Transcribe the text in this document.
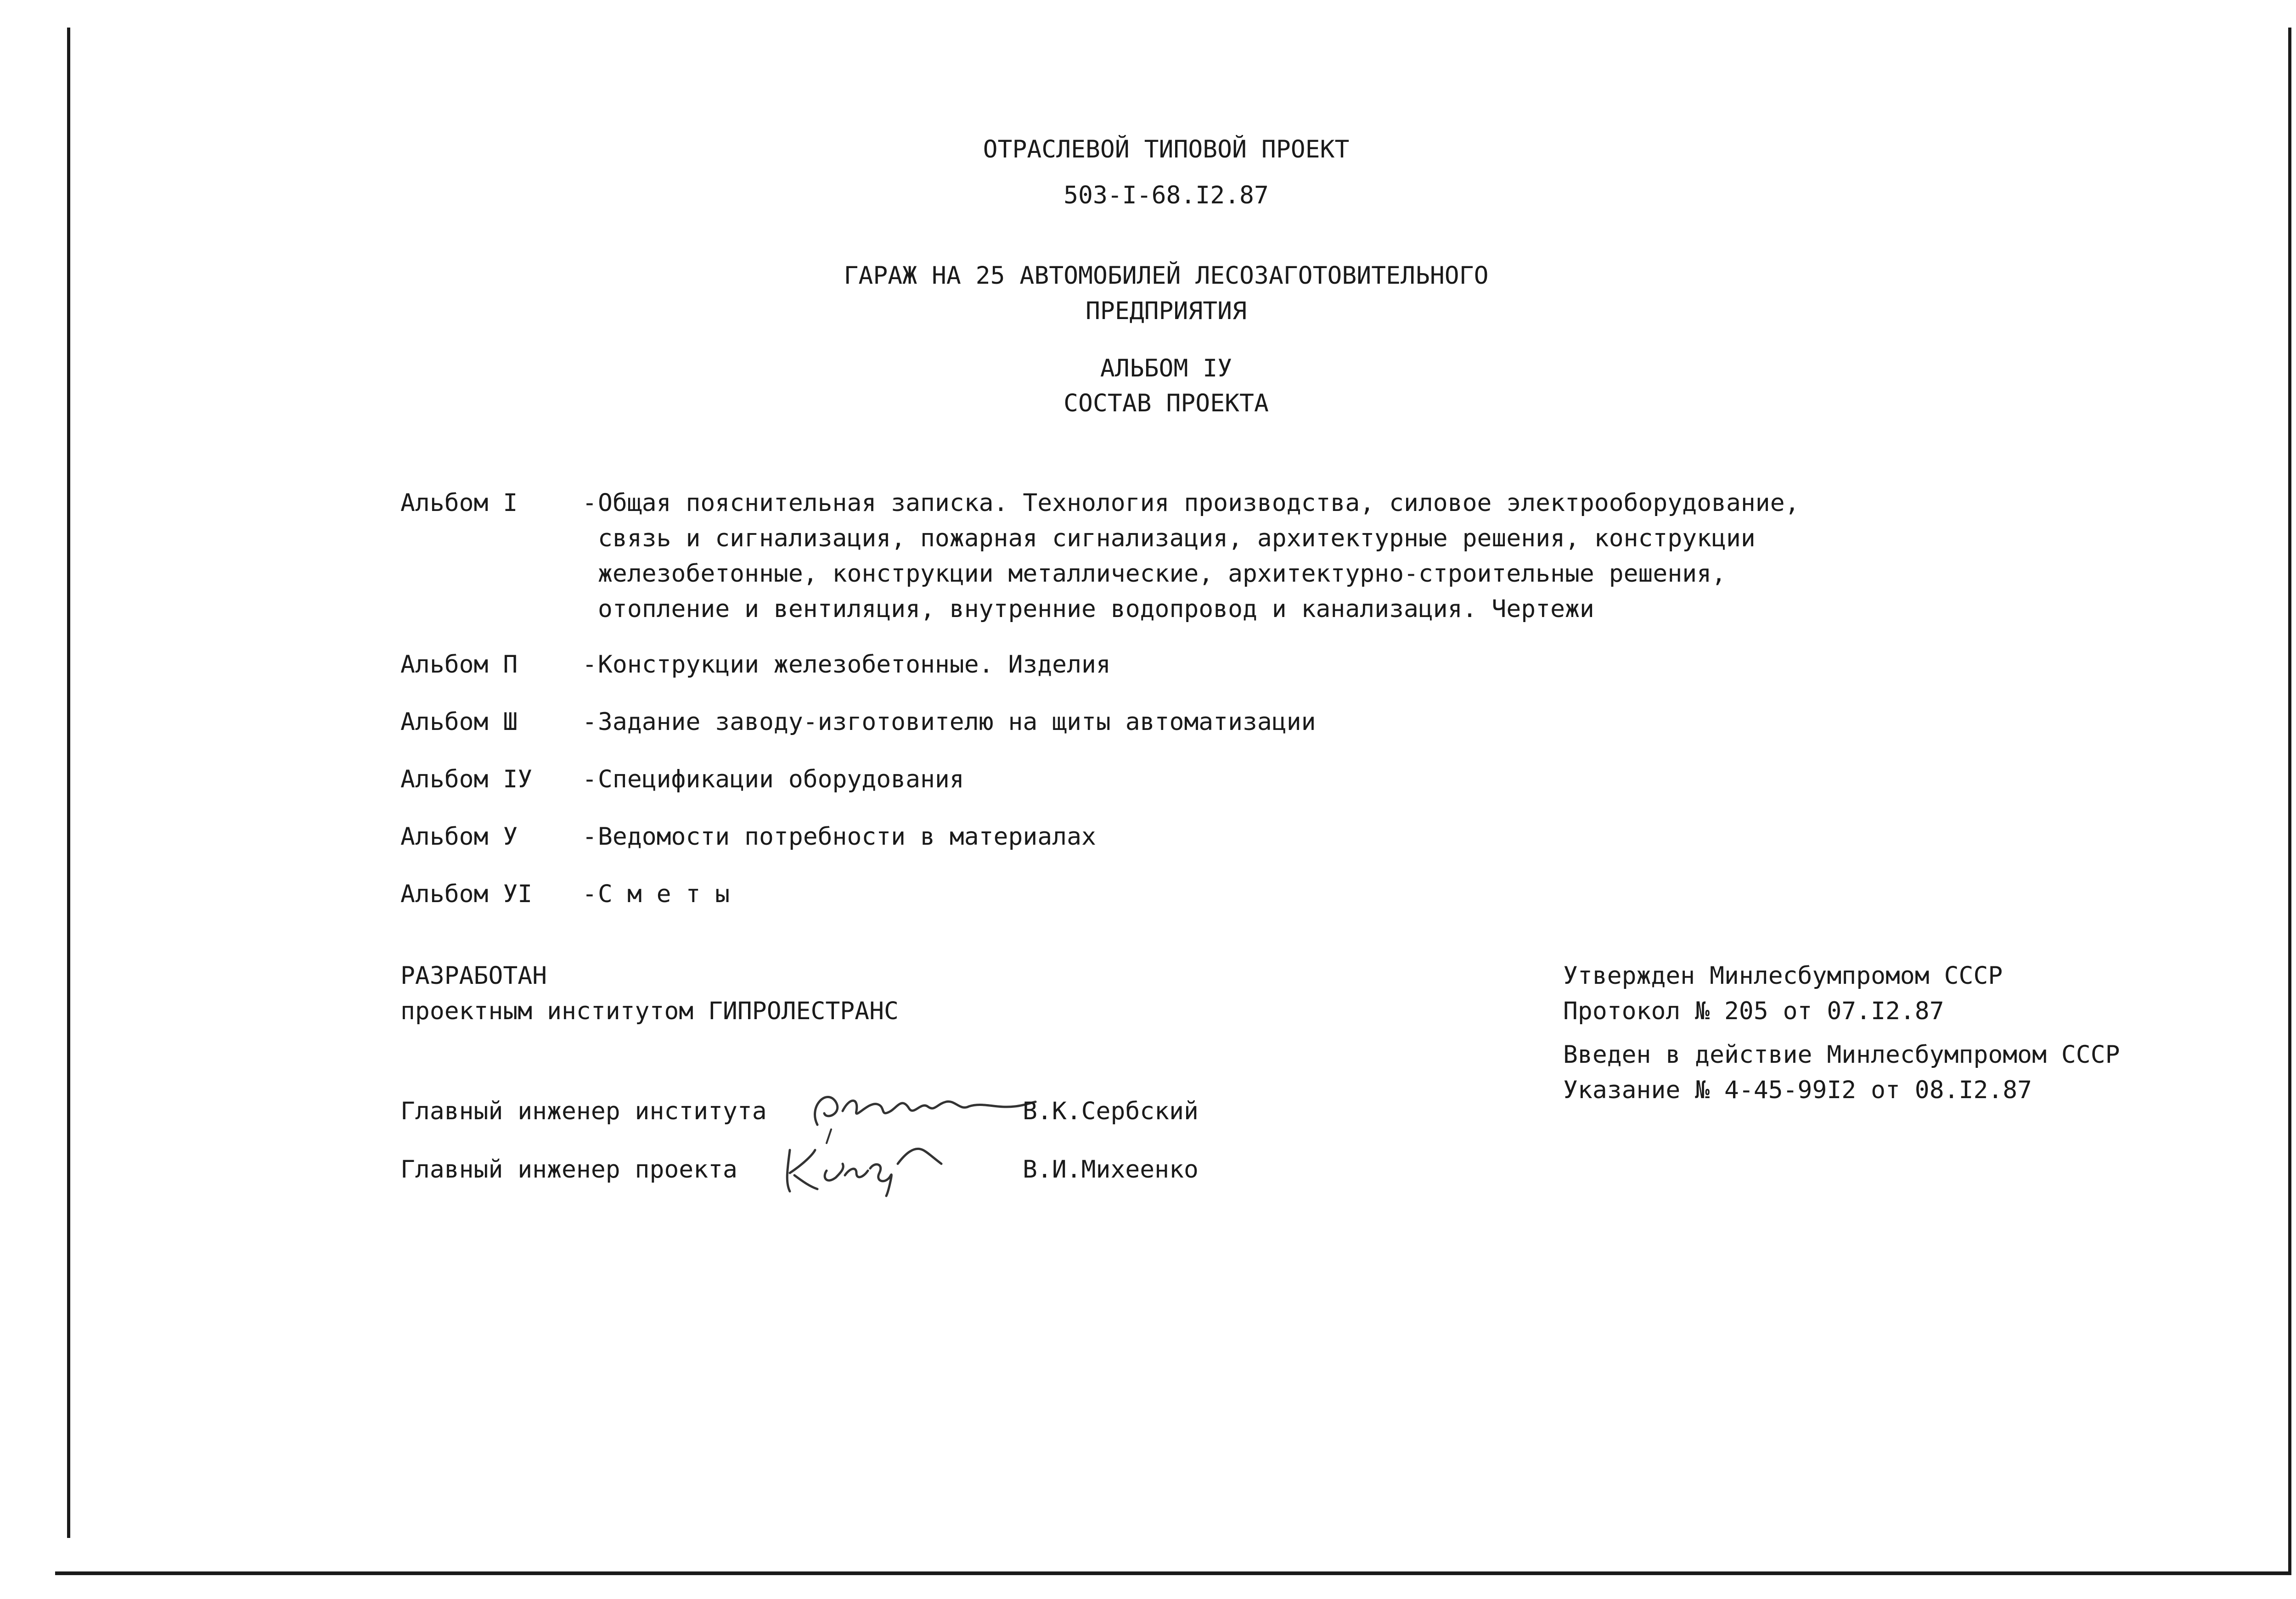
ОТРАСЛЕВОЙ ТИПОВОЙ ПРОЕКТ
503-I-68.I2.87
ГАРАЖ НА 25 АВТОМОБИЛЕЙ ЛЕСОЗАГОТОВИТЕЛЬНОГО
ПРЕДПРИЯТИЯ
АЛЬБОМ IУ
СОСТАВ ПРОЕКТА
Альбом I	- Общая пояснительная записка. Технология производства, силовое электрооборудование,
связь и сигнализация, пожарная сигнализация, архитектурные решения, конструкции
железобетонные, конструкции металлические, архитектурно-строительные решения,
отопление и вентиляция, внутренние водопровод и канализация. Чертежи
Альбом П	- Конструкции железобетонные. Изделия
Альбом Ш	- Задание заводу-изготовителю на щиты автоматизации
Альбом IУ - Спецификации оборудования
Альбом У	- Ведомости потребности в материалах
Альбом УI - С м е т ы
РАЗРАБОТАН
проектным институтом ГИПРОЛЕСТРАНС
Утвержден Минлесбумпромом СССР
Протокол № 205 от 07.I2.87
Введен в действие Минлесбумпромом СССР
Указание № 4-45-99I2 от 08.I2.87
Главный инженер института	В.К.Сербский
Главный инженер проекта	В.И.Михеенко
